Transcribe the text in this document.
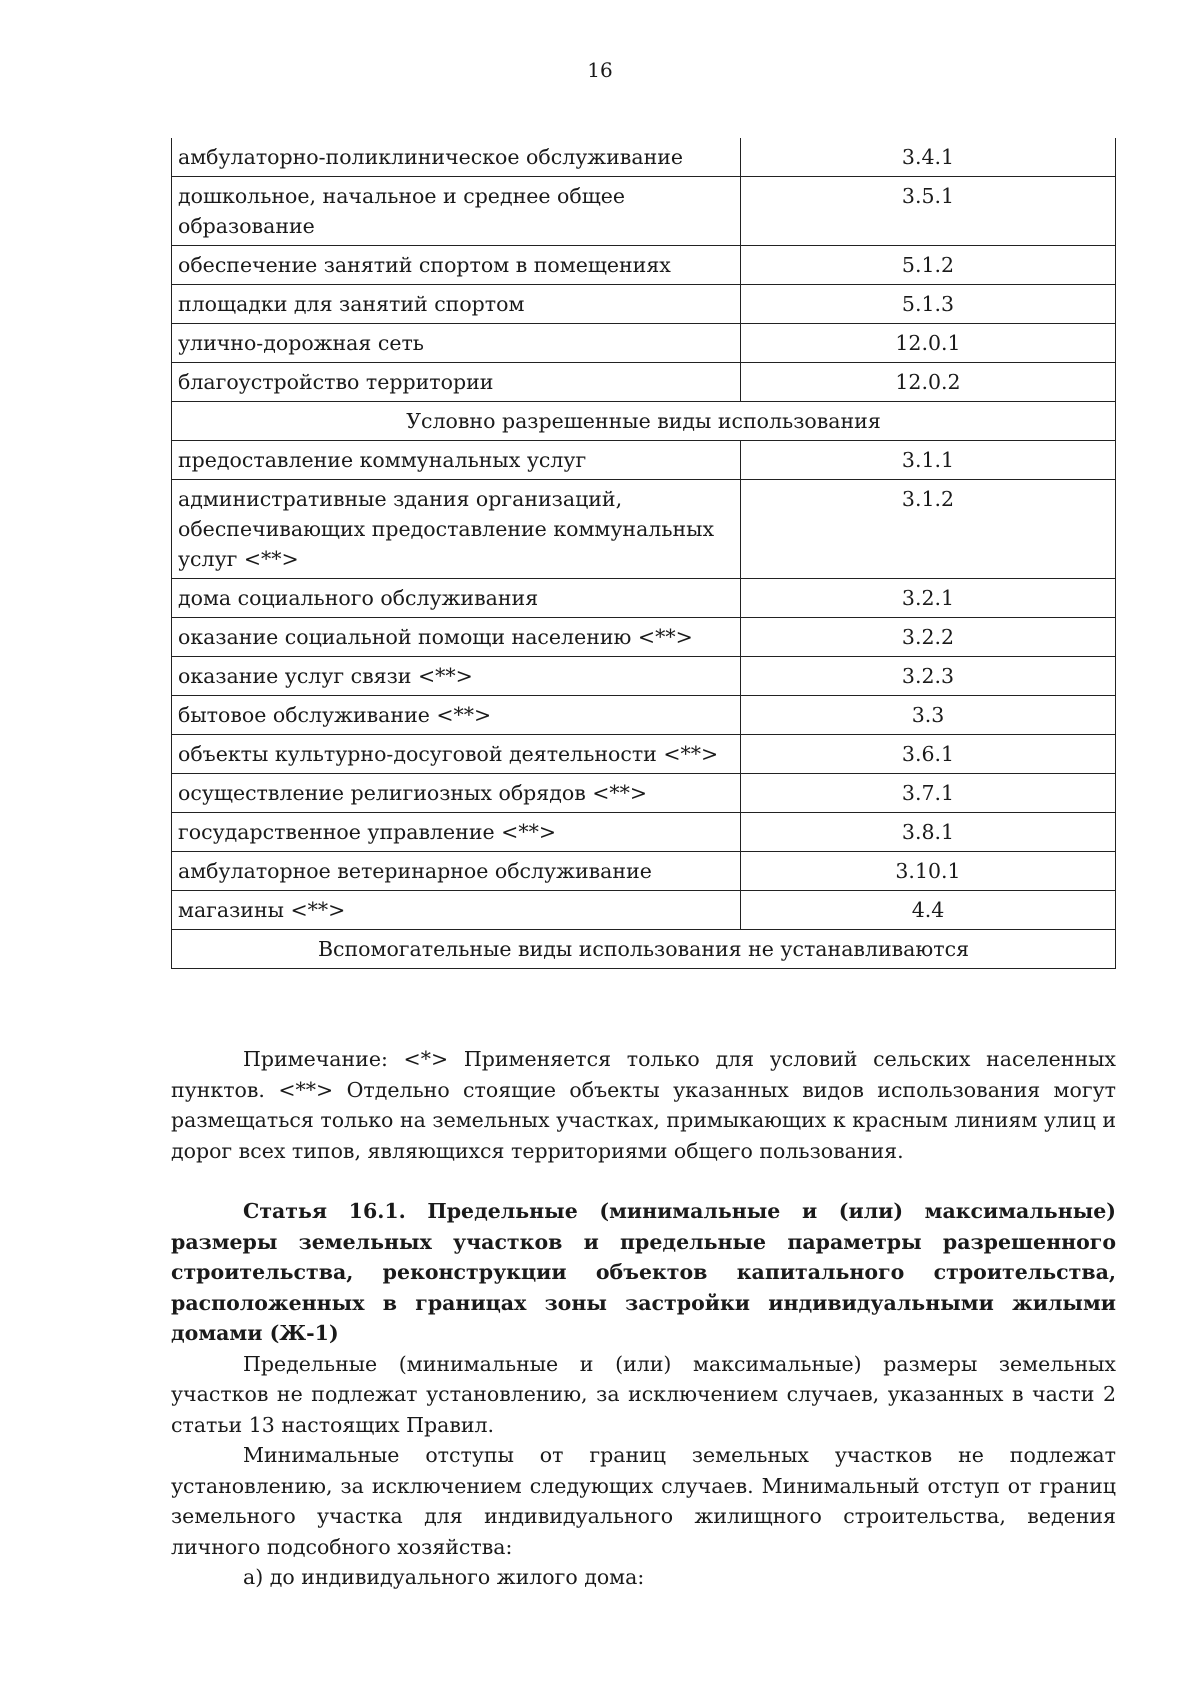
16
амбулаторно-поликлиническое обслуживание	3.4.1
дошкольное, начальное и среднее общее образование	3.5.1
обеспечение занятий спортом в помещениях	5.1.2
площадки для занятий спортом	5.1.3
улично-дорожная сеть	12.0.1
благоустройство территории	12.0.2
Условно разрешенные виды использования	
предоставление коммунальных услуг	3.1.1
административные здания организаций, обеспечивающих предоставление коммунальных услуг <**>	3.1.2
дома социального обслуживания	3.2.1
оказание социальной помощи населению <**>	3.2.2
оказание услуг связи <**>	3.2.3
бытовое обслуживание <**>	3.3
объекты культурно-досуговой деятельности <**>	3.6.1
осуществление религиозных обрядов <**>	3.7.1
государственное управление <**>	3.8.1
амбулаторное ветеринарное обслуживание	3.10.1
магазины <**>	4.4
Вспомогательные виды использования не устанавливаются	

Примечание: <*> Применяется только для условий сельских населенных пунктов. <**> Отдельно стоящие объекты указанных видов использования могут размещаться только на земельных участках, примыкающих к красным линиям улиц и дорог всех типов, являющихся территориями общего пользования.

Статья 16.1. Предельные (минимальные и (или) максимальные) размеры земельных участков и предельные параметры разрешенного строительства, реконструкции объектов капитального строительства, расположенных в границах зоны застройки индивидуальными жилыми домами (Ж-1)

Предельные (минимальные и (или) максимальные) размеры земельных участков не подлежат установлению, за исключением случаев, указанных в части 2 статьи 13 настоящих Правил.

Минимальные отступы от границ земельных участков не подлежат установлению, за исключением следующих случаев. Минимальный отступ от границ земельного участка для индивидуального жилищного строительства, ведения личного подсобного хозяйства:

а) до индивидуального жилого дома:
